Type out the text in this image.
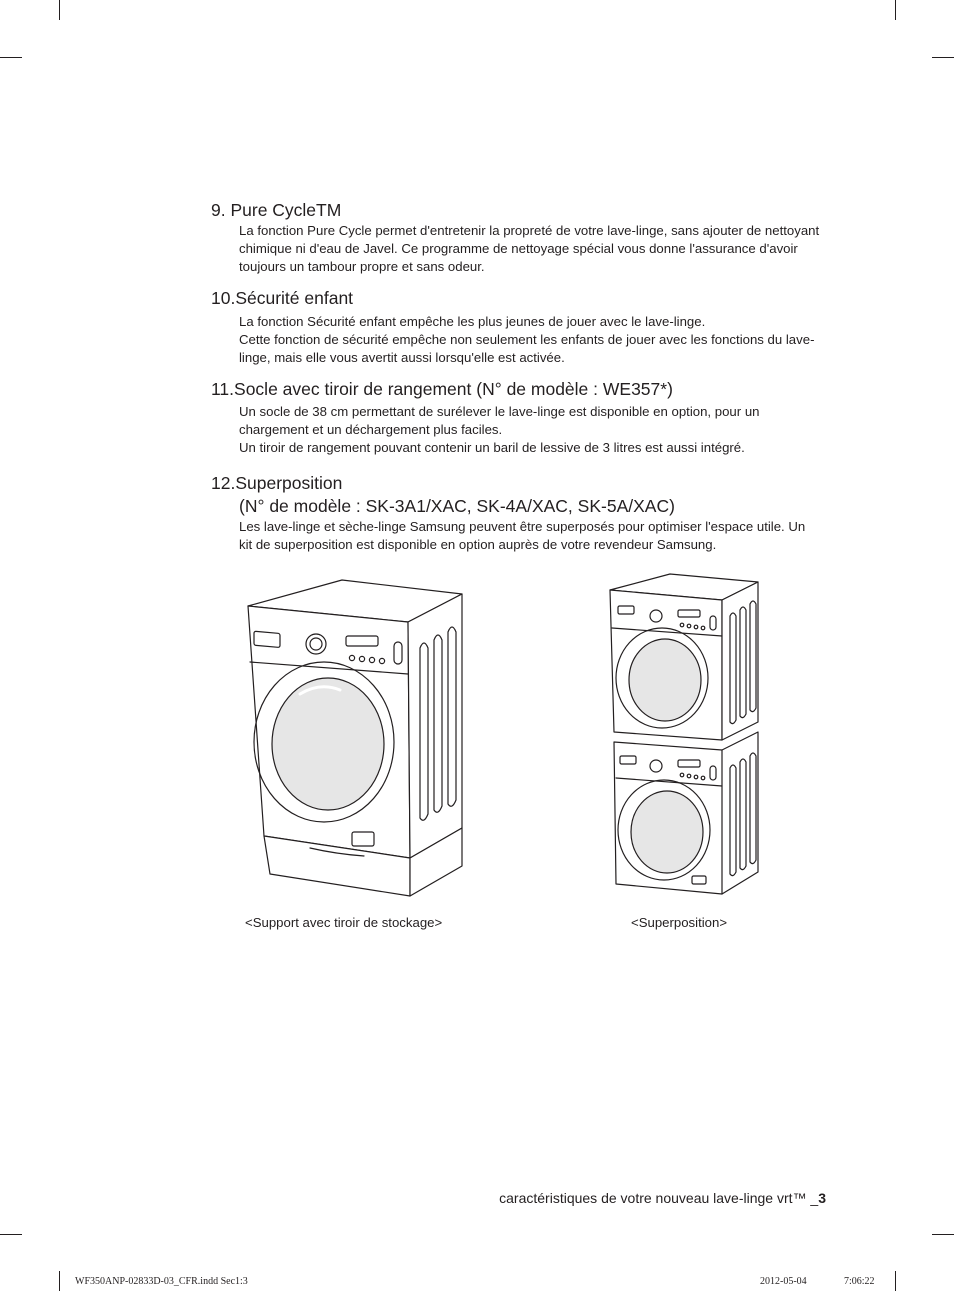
9. Pure CycleTM

La fonction Pure Cycle permet d'entretenir la propreté de votre lave-linge, sans ajouter de nettoyant chimique ni d'eau de Javel. Ce programme de nettoyage spécial vous donne l'assurance d'avoir toujours un tambour propre et sans odeur.

10.Sécurité enfant

La fonction Sécurité enfant empêche les plus jeunes de jouer avec le lave-linge.

Cette fonction de sécurité empêche non seulement les enfants de jouer avec les fonctions du lave-linge, mais elle vous avertit aussi lorsqu'elle est activée.

11.Socle avec tiroir de rangement (N° de modèle : WE357*)

Un socle de 38 cm permettant de surélever le lave-linge est disponible en option, pour un chargement et un déchargement plus faciles.

Un tiroir de rangement pouvant contenir un baril de lessive de 3 litres est aussi intégré.

12.Superposition
(N° de modèle : SK-3A1/XAC, SK-4A/XAC, SK-5A/XAC)

Les lave-linge et sèche-linge Samsung peuvent être superposés pour optimiser l'espace utile. Un kit de superposition est disponible en option auprès de votre revendeur Samsung.

<Support avec tiroir de stockage>	<Superposition>
caractéristiques de votre nouveau lave-linge vrt™ _3
WF350ANP-02833D-03_CFR.indd Sec1:3	2012-05-04	7:06:22
